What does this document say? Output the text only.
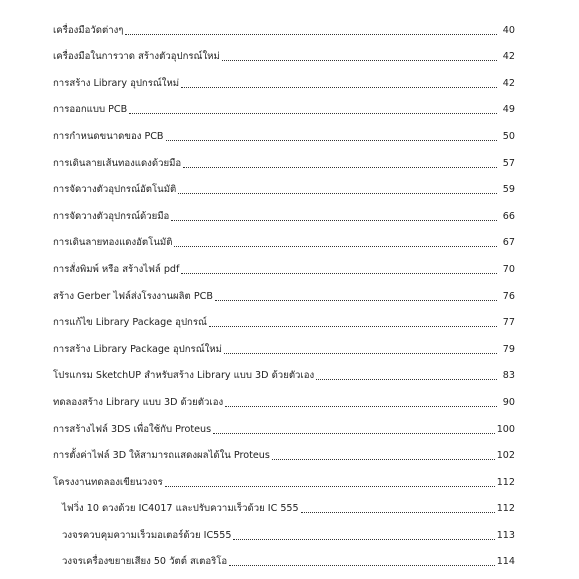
เครื่องมือวัดต่างๆ	40
เครื่องมือในการวาด สร้างตัวอุปกรณ์ใหม่	42
การสร้าง Library อุปกรณ์ใหม่	42
การออกแบบ PCB	49
การกำหนดขนาดของ PCB	50
การเดินลายเส้นทองแดงด้วยมือ	57
การจัดวางตัวอุปกรณ์อัตโนมัติ	59
การจัดวางตัวอุปกรณ์ด้วยมือ	66
การเดินลายทองแดงอัตโนมัติ	67
การสั่งพิมพ์ หรือ สร้างไฟล์ pdf	70
สร้าง Gerber ไฟล์ส่งโรงงานผลิต PCB	76
การแก้ไข Library Package อุปกรณ์	77
การสร้าง Library Package อุปกรณ์ใหม่	79
โปรแกรม SketchUP สำหรับสร้าง Library แบบ 3D ด้วยตัวเอง	83
ทดลองสร้าง Library แบบ 3D ด้วยตัวเอง	90
การสร้างไฟล์ 3DS เพื่อใช้กับ Proteus	100
การตั้งค่าไฟล์ 3D ให้สามารถแสดงผลได้ใน Proteus	102
โครงงานทดลองเขียนวงจร	112
ไฟวิ่ง 10 ดวงด้วย IC4017 และปรับความเร็วด้วย IC 555	112
วงจรควบคุมความเร็วมอเตอร์ด้วย IC555	113
วงจรเครื่องขยายเสียง 50 วัตต์ สเตอริโอ	114
